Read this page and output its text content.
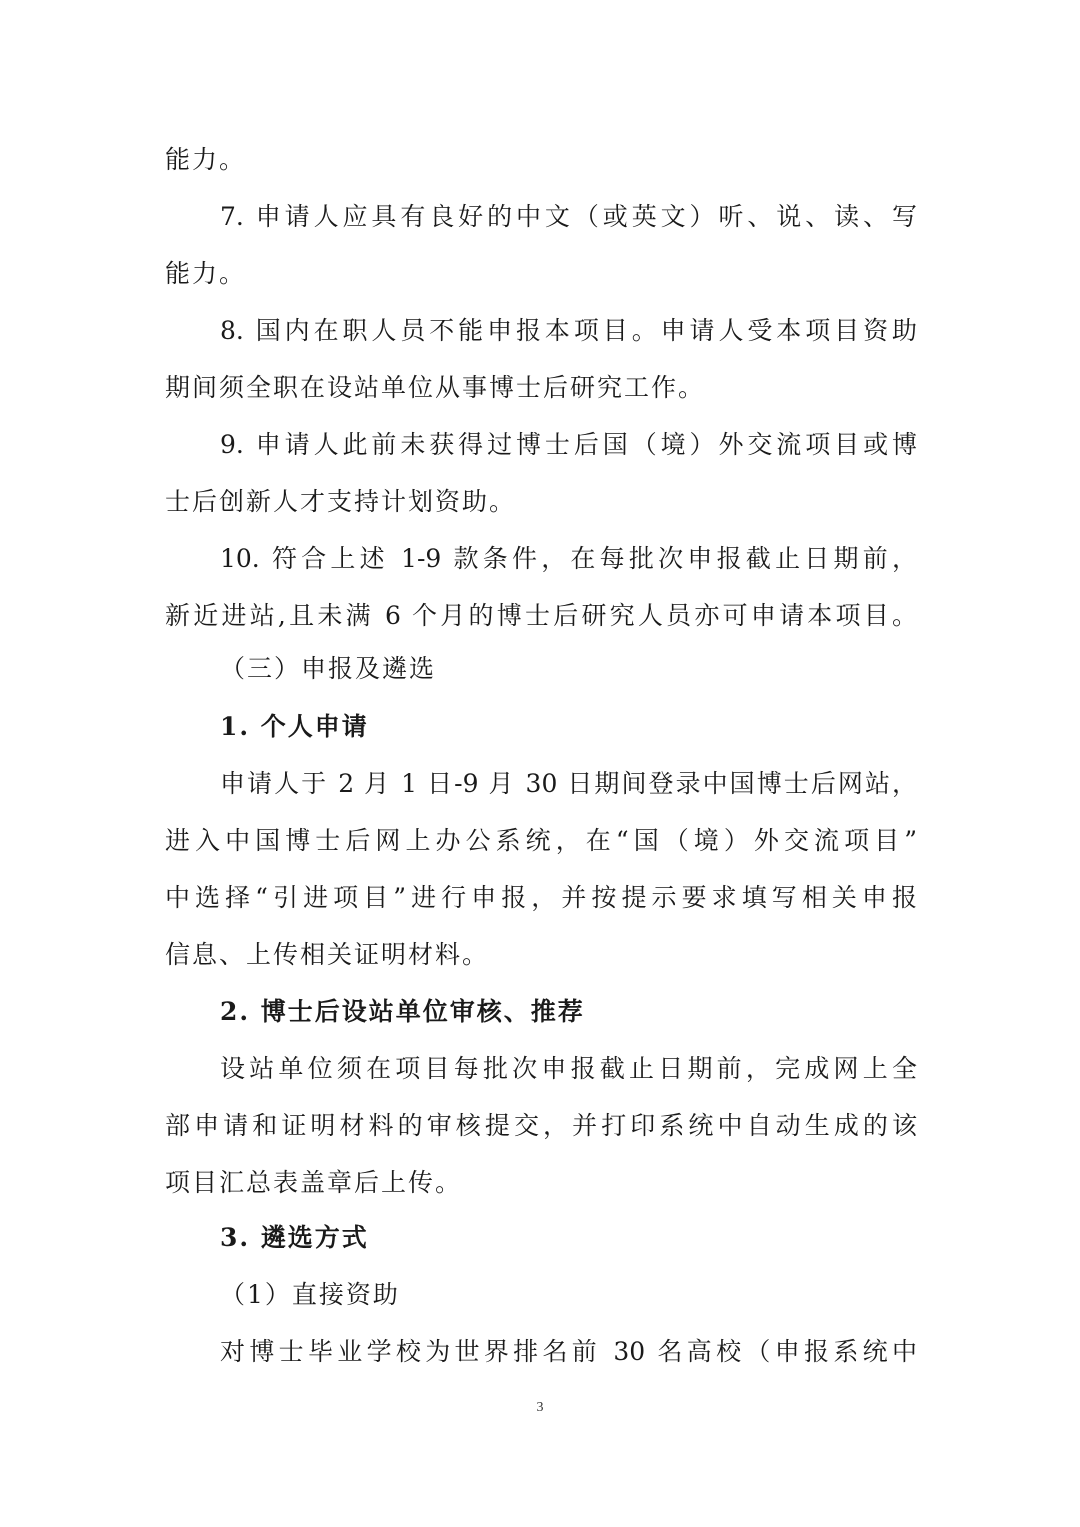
能力。
7. 申请人应具有良好的中文（或英文）听、说、读、写
能力。
8. 国内在职人员不能申报本项目。申请人受本项目资助
期间须全职在设站单位从事博士后研究工作。
9. 申请人此前未获得过博士后国（境）外交流项目或博
士后创新人才支持计划资助。
10. 符合上述 1-9 款条件，在每批次申报截止日期前，
新近进站,且未满 6 个月的博士后研究人员亦可申请本项目。
（三）申报及遴选
1. 个人申请
申请人于 2 月 1 日-9 月 30 日期间登录中国博士后网站，
进入中国博士后网上办公系统，在“国（境）外交流项目”
中选择“引进项目”进行申报，并按提示要求填写相关申报
信息、上传相关证明材料。
2. 博士后设站单位审核、推荐
设站单位须在项目每批次申报截止日期前，完成网上全
部申请和证明材料的审核提交，并打印系统中自动生成的该
项目汇总表盖章后上传。
3. 遴选方式
（1）直接资助
对博士毕业学校为世界排名前 30 名高校（申报系统中
3
